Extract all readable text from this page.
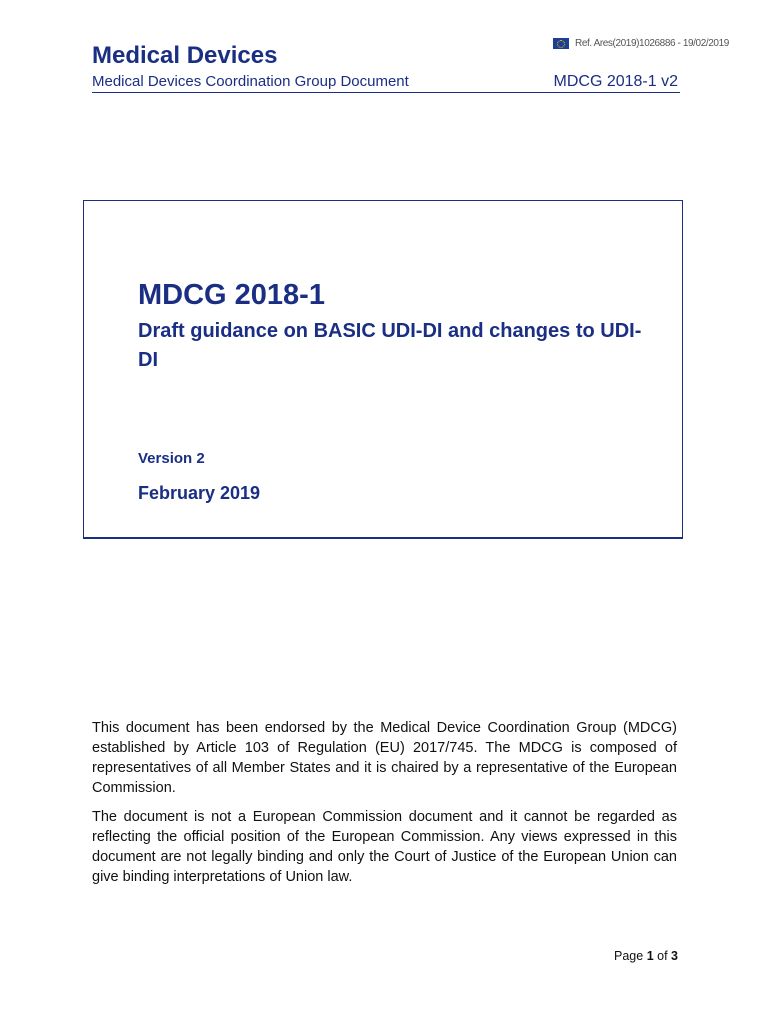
Ref. Ares(2019)1026886 - 19/02/2019
Medical Devices
Medical Devices Coordination Group Document	MDCG 2018-1 v2
MDCG 2018-1
Draft guidance on BASIC UDI-DI and changes to UDI-DI
Version 2
February 2019

This document has been endorsed by the Medical Device Coordination Group (MDCG) established by Article 103 of Regulation (EU) 2017/745. The MDCG is composed of representatives of all Member States and it is chaired by a representative of the European Commission.

The document is not a European Commission document and it cannot be regarded as reflecting the official position of the European Commission. Any views expressed in this document are not legally binding and only the Court of Justice of the European Union can give binding interpretations of Union law.

Page 1 of 3
